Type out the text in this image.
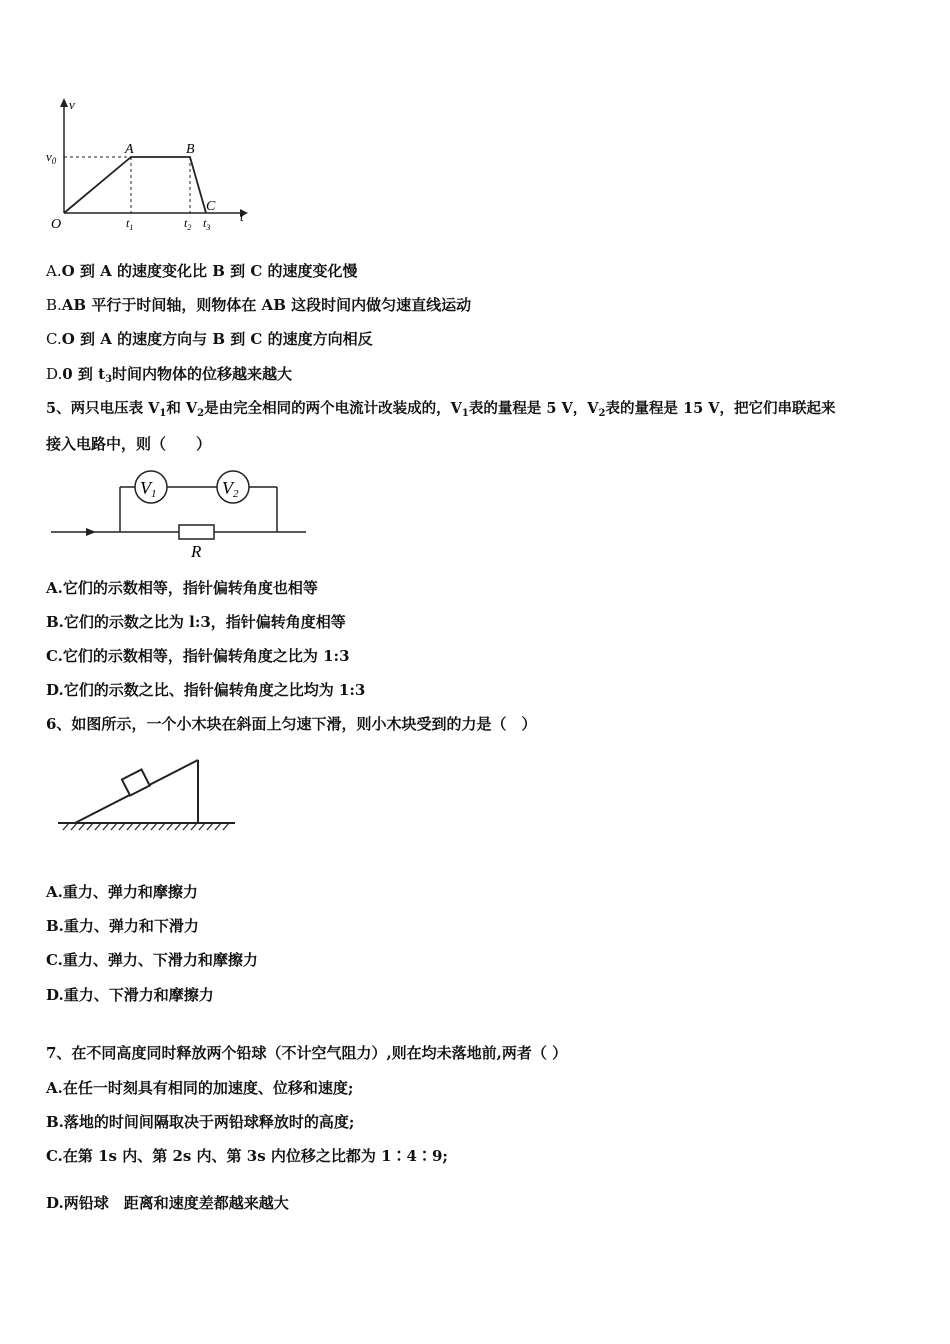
v
t
$v_0$
O
A	B
C
$t_1$	$t_2$ $t_3$
A.O 到 A 的速度变化比 B 到 C 的速度变化慢
B.AB 平行于时间轴，则物体在 AB 这段时间内做匀速直线运动
C.O 到 A 的速度方向与 B 到 C 的速度方向相反
D.0 到 $t_3$时间内物体的位移越来越大
5、两只电压表 $V_1$和 $V_2$是由完全相同的两个电流计改装成的，$V_1$表的量程是 5 V，$V_2$表的量程是 15 V，把它们串联起来
接入电路中，则（　　）
V1	V2
R
A.它们的示数相等，指针偏转角度也相等
B.它们的示数之比为 l:3，指针偏转角度相等
C.它们的示数相等，指针偏转角度之比为 1:3
D.它们的示数之比、指针偏转角度之比均为 1:3
6、如图所示，一个小木块在斜面上匀速下滑，则小木块受到的力是（　）
A.重力、弹力和摩擦力
B.重力、弹力和下滑力
C.重力、弹力、下滑力和摩擦力
D.重力、下滑力和摩擦力
7、在不同高度同时释放两个铅球（不计空气阻力）,则在均未落地前,两者（ ）
A.在任一时刻具有相同的加速度、位移和速度;
B.落地的时间间隔取决于两铅球释放时的高度;
C.在第 1s 内、第 2s 内、第 3s 内位移之比都为 1∶4∶9;
D.两铅球　距离和速度差都越来越大
